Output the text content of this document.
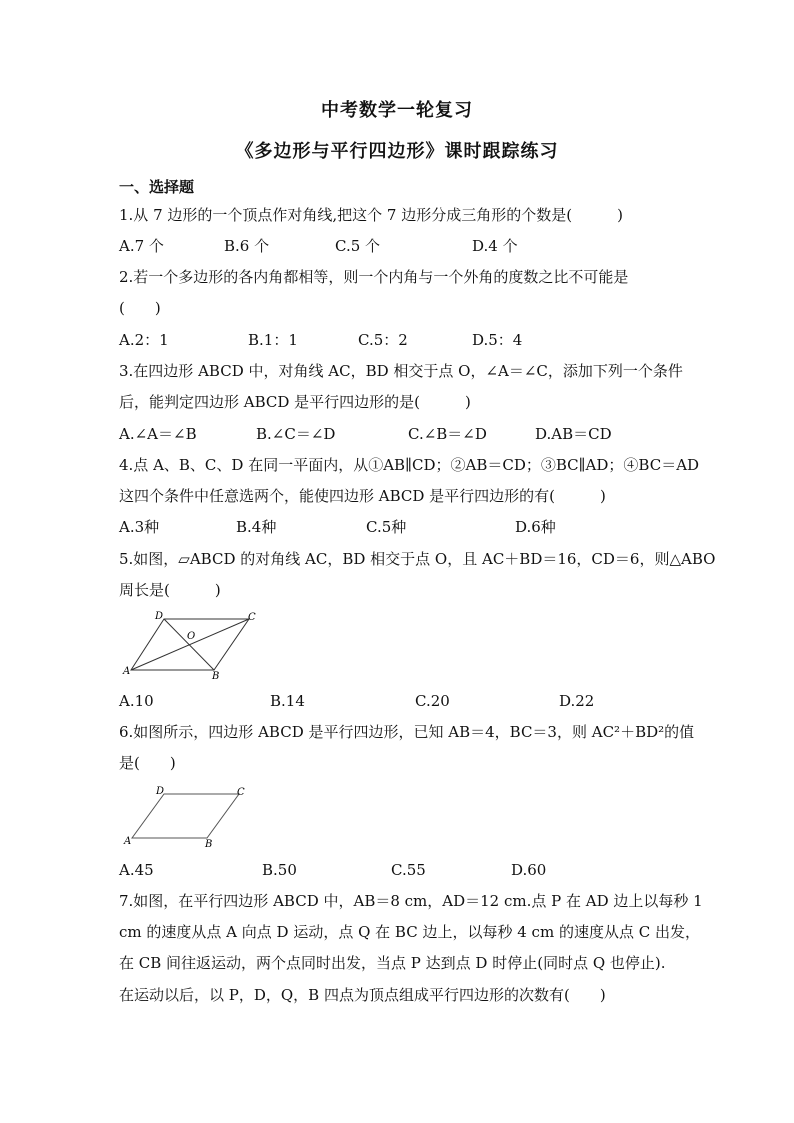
中考数学一轮复习
《多边形与平行四边形》课时跟踪练习
一、选择题
1.从 7 边形的一个顶点作对角线,把这个 7 边形分成三角形的个数是(　　　)
A.7 个	B.6 个	C.5 个	D.4 个
2.若一个多边形的各内角都相等，则一个内角与一个外角的度数之比不可能是
(　　)
A.2：1	B.1：1	C.5：2	D.5：4
3.在四边形 ABCD 中，对角线 AC，BD 相交于点 O，∠A＝∠C，添加下列一个条件
后，能判定四边形 ABCD 是平行四边形的是(　　　)
A.∠A＝∠B	B.∠C＝∠D	C.∠B＝∠D	D.AB＝CD
4.点 A、B、C、D 在同一平面内，从①AB∥CD；②AB＝CD；③BC∥AD；④BC＝AD
这四个条件中任意选两个，能使四边形 ABCD 是平行四边形的有(　　　)
A.3种	B.4种	C.5种	D.6种
5.如图，▱ABCD 的对角线 AC，BD 相交于点 O，且 AC＋BD＝16，CD＝6，则△ABO
周长是(　　　)
D	C
O
A	B
A.10	B.14	C.20	D.22
6.如图所示，四边形 ABCD 是平行四边形，已知 AB＝4，BC＝3，则 AC²＋BD²的值
是(　　)
D	C
A	B
A.45	B.50	C.55	D.60
7.如图，在平行四边形 ABCD 中，AB＝8 cm，AD＝12 cm.点 P 在 AD 边上以每秒 1
cm 的速度从点 A 向点 D 运动，点 Q 在 BC 边上，以每秒 4 cm 的速度从点 C 出发，
在 CB 间往返运动，两个点同时出发，当点 P 达到点 D 时停止(同时点 Q 也停止).
在运动以后，以 P，D，Q，B 四点为顶点组成平行四边形的次数有(　　)
